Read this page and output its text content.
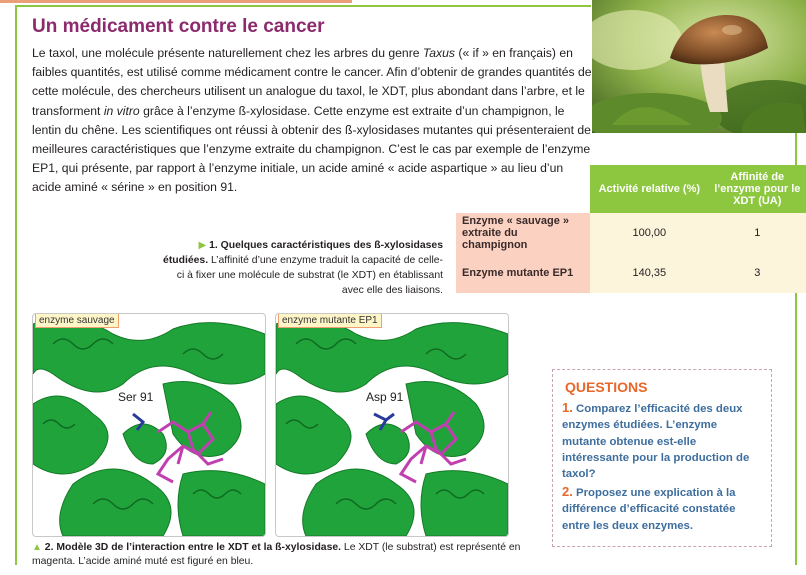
Un médicament contre le cancer
Le taxol, une molécule présente naturellement chez les arbres du genre Taxus (« if » en français) en faibles quantités, est utilisé comme médicament contre le cancer. Afin d’obtenir de grandes quantités de cette molécule, des chercheurs utilisent un analogue du taxol, le XDT, plus abondant dans l’arbre, et le transforment in vitro grâce à l’enzyme ß-xylosidase. Cette enzyme est extraite d’un champignon, le lentin du chêne. Les scientifiques ont réussi à obtenir des ß-xylosidases mutantes qui présenteraient de meilleures caractéristiques que l’enzyme extraite du champignon. C’est le cas par exemple de l’enzyme EP1, qui présente, par rapport à l’enzyme initiale, un acide aminé « acide aspartique » au lieu d’un acide aminé « sérine » en position 91.
		Activité relative (%)	Affinité de l’enzyme pour le XDT (UA)
Enzyme « sauvage » extraite du champignon	100,00	1
Enzyme mutante EP1	140,35	3
▶ 1. Quelques caractéristiques des ß-xylosidases étudiées. L’affinité d’une enzyme traduit la capacité de celle-ci à fixer une molécule de substrat (le XDT) en établissant avec elle des liaisons.
enzyme sauvage
Ser 91
enzyme mutante EP1
Asp 91
▲ 2. Modèle 3D de l’interaction entre le XDT et la ß-xylosidase. Le XDT (le substrat) est représenté en magenta. L’acide aminé muté est figuré en bleu.
QUESTIONS
1. Comparez l’efficacité des deux enzymes étudiées. L’enzyme mutante obtenue est-elle intéressante pour la production de taxol?
2. Proposez une explication à la différence d’efficacité constatée entre les deux enzymes.
